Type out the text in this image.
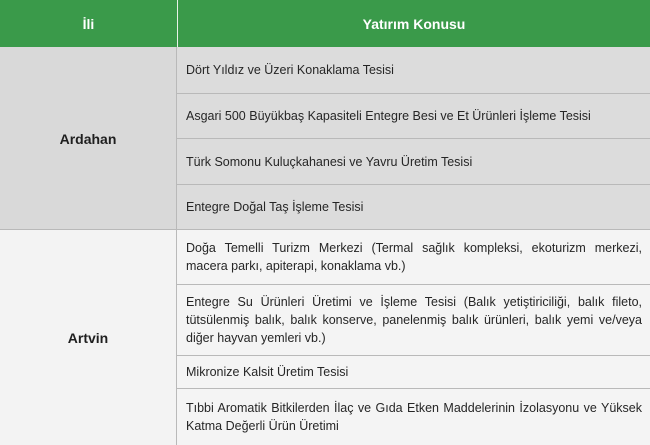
İli	Yatırım Konusu
Ardahan
Dört Yıldız ve Üzeri Konaklama Tesisi
Asgari 500 Büyükbaş Kapasiteli Entegre Besi ve Et Ürünleri İşleme Tesisi
Türk Somonu Kuluçkahanesi ve Yavru Üretim Tesisi
Entegre Doğal Taş İşleme Tesisi
Artvin
Doğa Temelli Turizm Merkezi (Termal sağlık kompleksi, ekoturizm merkezi, macera parkı, apiterapi, konaklama vb.)
Entegre Su Ürünleri Üretimi ve İşleme Tesisi (Balık yetiştiriciliği, balık fileto, tütsülenmiş balık, balık konserve, panelenmiş balık ürünleri, balık yemi ve/veya diğer hayvan yemleri vb.)
Mikronize Kalsit Üretim Tesisi
Tıbbi Aromatik Bitkilerden İlaç ve Gıda Etken Maddelerinin İzolasyonu ve Yüksek Katma Değerli Ürün Üretimi
